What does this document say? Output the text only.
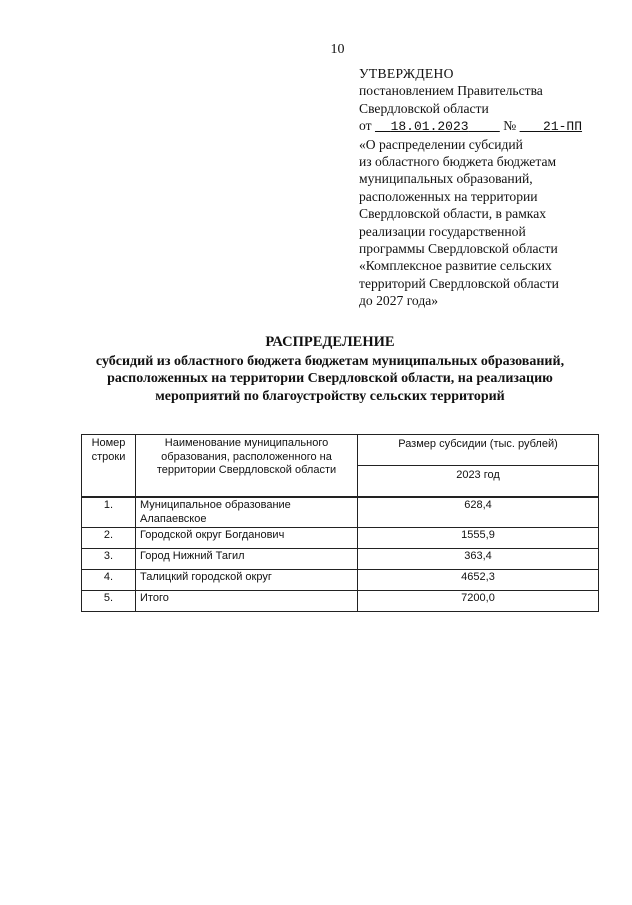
10
УТВЕРЖДЕНО
постановлением Правительства
Свердловской области
от 18.01.2023	№ 21-ПП
«О распределении субсидий
из областного бюджета бюджетам
муниципальных образований,
расположенных на территории
Свердловской области, в рамках
реализации государственной
программы Свердловской области
«Комплексное развитие сельских
территорий Свердловской области
до 2027 года»
РАСПРЕДЕЛЕНИЕ
субсидий из областного бюджета бюджетам муниципальных образований,
расположенных на территории Свердловской области, на реализацию
мероприятий по благоустройству сельских территорий
Номер строки	Наименование муниципального образования, расположенного на территории Свердловской области	Размер субсидии (тыс. рублей)
		2023 год
1.	Муниципальное образование Алапаевское	628,4
2.	Городской округ Богданович	1555,9
3.	Город Нижний Тагил	363,4
4.	Талицкий городской округ	4652,3
5.	Итого	7200,0
